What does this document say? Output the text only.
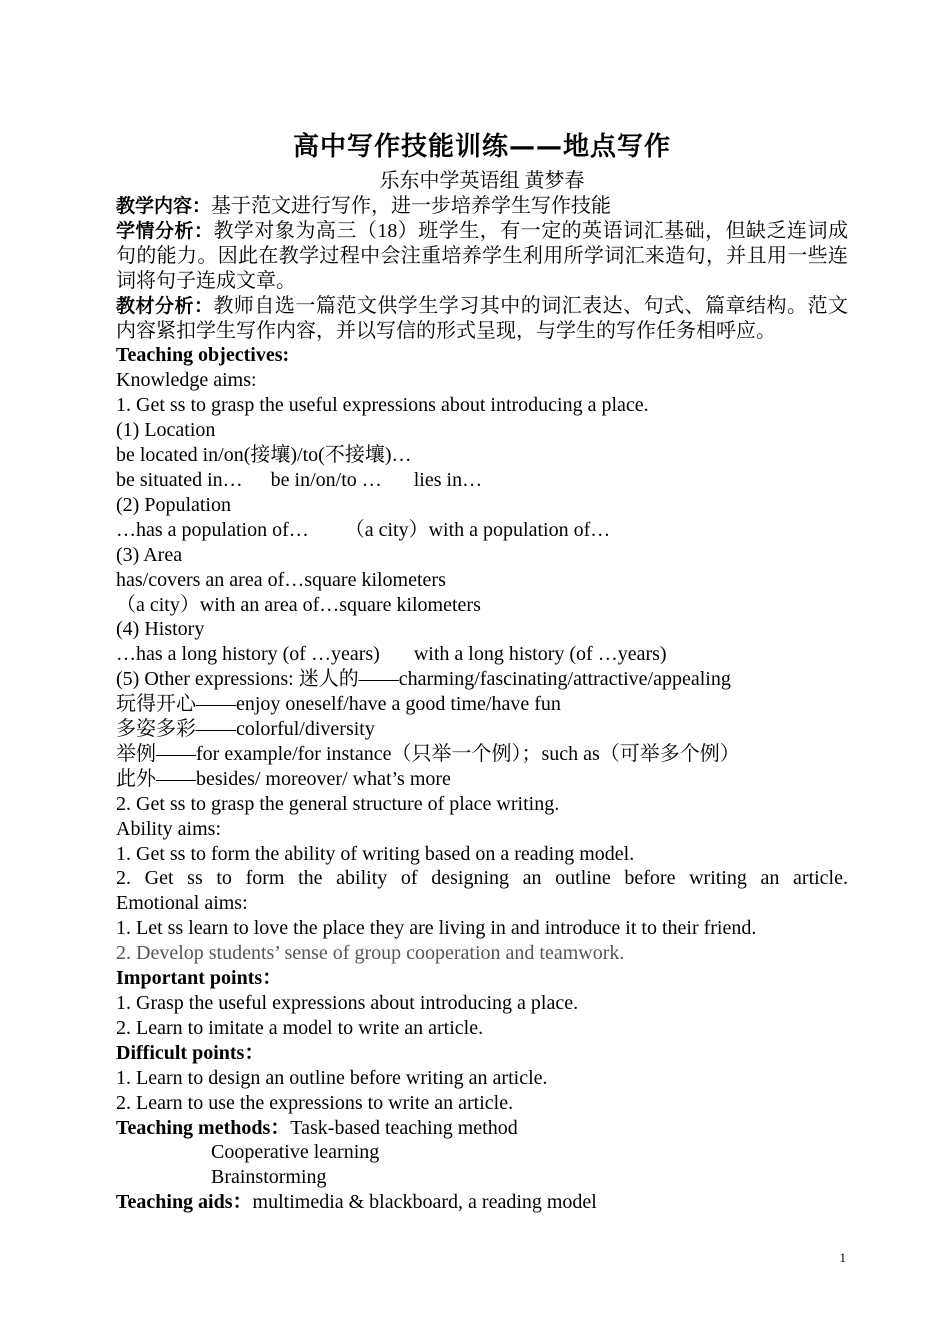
高中写作技能训练——地点写作
乐东中学英语组 黄梦春
教学内容：基于范文进行写作，进一步培养学生写作技能
学情分析：教学对象为高三（18）班学生，有一定的英语词汇基础，但缺乏连词成句的能力。因此在教学过程中会注重培养学生利用所学词汇来造句，并且用一些连词将句子连成文章。
教材分析：教师自选一篇范文供学生学习其中的词汇表达、句式、篇章结构。范文内容紧扣学生写作内容，并以写信的形式呈现，与学生的写作任务相呼应。
Teaching objectives:
Knowledge aims:
1. Get ss to grasp the useful expressions about introducing a place.
(1) Location
be located in/on(接壤)/to(不接壤)…
be situated in… be in/on/to … lies in…
(2) Population
…has a population of… （a city）with a population of…
(3) Area
has/covers an area of…square kilometers
（a city）with an area of…square kilometers
(4) History
…has a long history (of …years) with a long history (of …years)
(5) Other expressions: 迷人的——charming/fascinating/attractive/appealing
玩得开心——enjoy oneself/have a good time/have fun
多姿多彩——colorful/diversity
举例——for example/for instance（只举一个例）；such as（可举多个例）
此外——besides/ moreover/ what’s more
2. Get ss to grasp the general structure of place writing.
Ability aims:
1. Get ss to form the ability of writing based on a reading model.
2. Get ss to form the ability of designing an outline before writing an article.
Emotional aims:
1. Let ss learn to love the place they are living in and introduce it to their friend.
2. Develop students’ sense of group cooperation and teamwork.
Important points：
1. Grasp the useful expressions about introducing a place.
2. Learn to imitate a model to write an article.
Difficult points：
1. Learn to design an outline before writing an article.
2. Learn to use the expressions to write an article.
Teaching methods：Task-based teaching method
Cooperative learning
Brainstorming
Teaching aids：multimedia & blackboard, a reading model
1
